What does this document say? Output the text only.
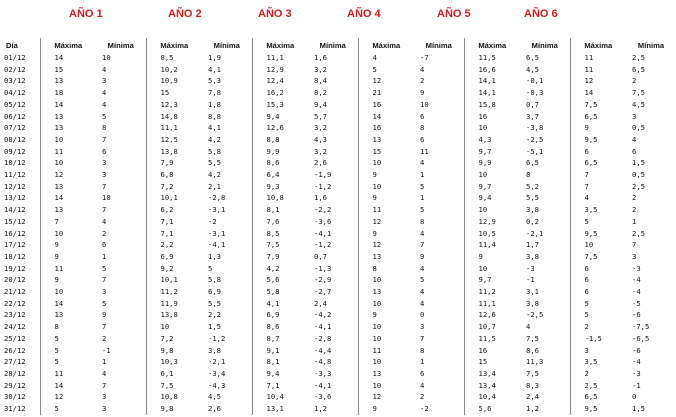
AÑO 1	AÑO 2	AÑO 3	AÑO 4	AÑO 5	AÑO 6
Día	Máxima	Mínima	Máxima	Mínima	Máxima	Mínima	Máxima	Mínima	Máxima	Mínima	Máxima	Mínima
01/12	14	10	8,5	1,9	11,1	1,6	4	-7	11,5	6,5	11	2,5
02/12	15	4	10,2	4,1	12,9	3,2	5	4	16,6	4,5	11	6,5
03/12	13	3	10,9	5,3	12,4	8,4	12	2	14,1	-0,1	12	2
04/12	18	4	15	7,8	16,2	8,2	21	9	14,1	-0,3	14	7,5
05/12	14	4	12,3	1,8	15,3	9,4	16	10	15,8	0,7	7,5	4,5
06/12	13	5	14,8	8,8	9,4	5,7	14	6	16	3,7	6,5	3
07/12	13	8	11,1	4,1	12,6	3,2	16	8	10	-3,8	9	0,5
08/12	10	7	12,5	4,2	8,8	4,3	13	6	4,3	-2,5	9,5	4
09/12	11	6	13,8	5,8	9,9	3,2	15	11	9,7	-5,1	6	6
10/12	10	3	7,9	5,5	8,6	2,6	10	4	9,9	6,5	6,5	1,5
11/12	12	3	6,8	4,2	6,4	-1,9	9	1	10	8	7	0,5
12/12	13	7	7,2	2,1	9,3	-1,2	10	5	9,7	5,2	7	2,5
13/12	14	10	10,1	-2,8	10,8	1,6	9	1	9,4	5,5	4	2
14/12	13	7	6,2	-3,1	8,1	-2,2	11	5	10	3,8	3,5	2
15/12	7	4	7,1	-2	7,6	-3,6	12	8	12,9	0,2	5	1
16/12	10	2	7,1	-3,1	8,5	-4,1	9	4	10,5	-2,1	9,5	2,5
17/12	9	6	2,2	-4,1	7,5	-1,2	12	7	11,4	1,7	10	7
18/12	9	1	6,9	1,3	7,9	0,7	13	9	9	3,8	7,5	3
19/12	11	5	9,2	5	4,2	-1,3	8	4	10	-3	6	-3
20/12	9	7	10,1	5,8	5,6	-2,9	10	5	9,7	-1	6	-4
21/12	10	3	11,2	6,9	5,8	-2,7	13	4	11,2	3,1	6	-4
22/12	14	5	11,9	5,5	4,1	2,4	10	4	11,1	3,8	5	-5
23/12	13	9	13,8	2,2	6,9	-4,2	9	0	12,6	-2,5	5	-6
24/12	8	7	10	1,5	8,6	-4,1	10	3	10,7	4	2	-7,5
25/12	5	2	7,2	-1,2	8,7	-2,8	10	7	11,5	7,5	-1,5	-6,5
26/12	5	-1	9,8	3,8	9,1	-4,4	11	8	16	8,6	3	-6
27/12	5	1	10,3	-2,1	8,1	-4,8	10	1	15	11,3	3,5	-4
28/12	11	4	6,1	-3,4	9,4	-3,3	13	6	13,4	7,5	2	-3
29/12	14	7	7,5	-4,3	7,1	-4,1	10	4	13,4	8,3	2,5	-1
30/12	12	3	10,8	4,5	10,4	-3,6	12	2	10,4	2,4	6,5	0
31/12	5	3	9,8	2,6	13,1	1,2	9	-2	5,6	1,2	9,5	1,5
